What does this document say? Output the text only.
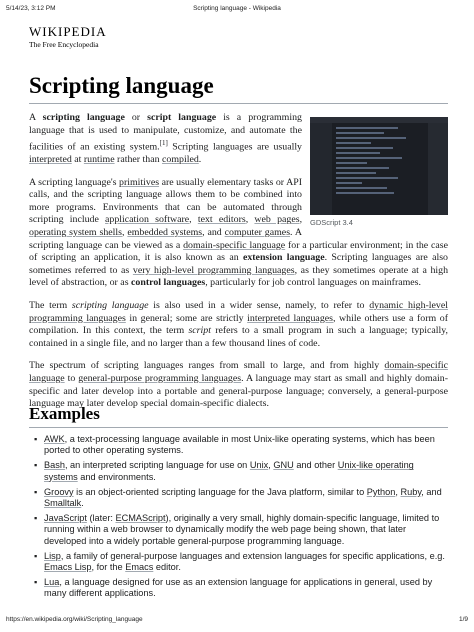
5/14/23, 3:12 PM	Scripting language - Wikipedia
WIKIPEDIA
The Free Encyclopedia
Scripting language
GDScript 3.4

A scripting language or script language is a programming language that is used to manipulate, customize, and automate the facilities of an existing system.[1] Scripting languages are usually interpreted at runtime rather than compiled.

A scripting language's primitives are usually elementary tasks or API calls, and the scripting language allows them to be combined into more programs. Environments that can be automated through scripting include application software, text editors, web pages, operating system shells, embedded systems, and computer games. A scripting language can be viewed as a domain-specific language for a particular environment; in the case of scripting an application, it is also known as an extension language. Scripting languages are also sometimes referred to as very high-level programming languages, as they sometimes operate at a high level of abstraction, or as control languages, particularly for job control languages on mainframes.

The term scripting language is also used in a wider sense, namely, to refer to dynamic high-level programming languages in general; some are strictly interpreted languages, while others use a form of compilation. In this context, the term script refers to a small program in such a language; typically, contained in a single file, and no larger than a few thousand lines of code.

The spectrum of scripting languages ranges from small to large, and from highly domain-specific language to general-purpose programming languages. A language may start as small and highly domain-specific and later develop into a portable and general-purpose language; conversely, a general-purpose language may later develop special domain-specific dialects.

Examples
▪ AWK, a text-processing language available in most Unix-like operating systems, which has been ported to other operating systems.
▪ Bash, an interpreted scripting language for use on Unix, GNU and other Unix-like operating systems and environments.
▪ Groovy is an object-oriented scripting language for the Java platform, similar to Python, Ruby, and Smalltalk.
▪ JavaScript (later: ECMAScript), originally a very small, highly domain-specific language, limited to running within a web browser to dynamically modify the web page being shown, that later developed into a widely portable general-purpose programming language.
▪ Lisp, a family of general-purpose languages and extension languages for specific applications, e.g. Emacs Lisp, for the Emacs editor.
▪ Lua, a language designed for use as an extension language for applications in general, used by many different applications.
https://en.wikipedia.org/wiki/Scripting_language	1/9
